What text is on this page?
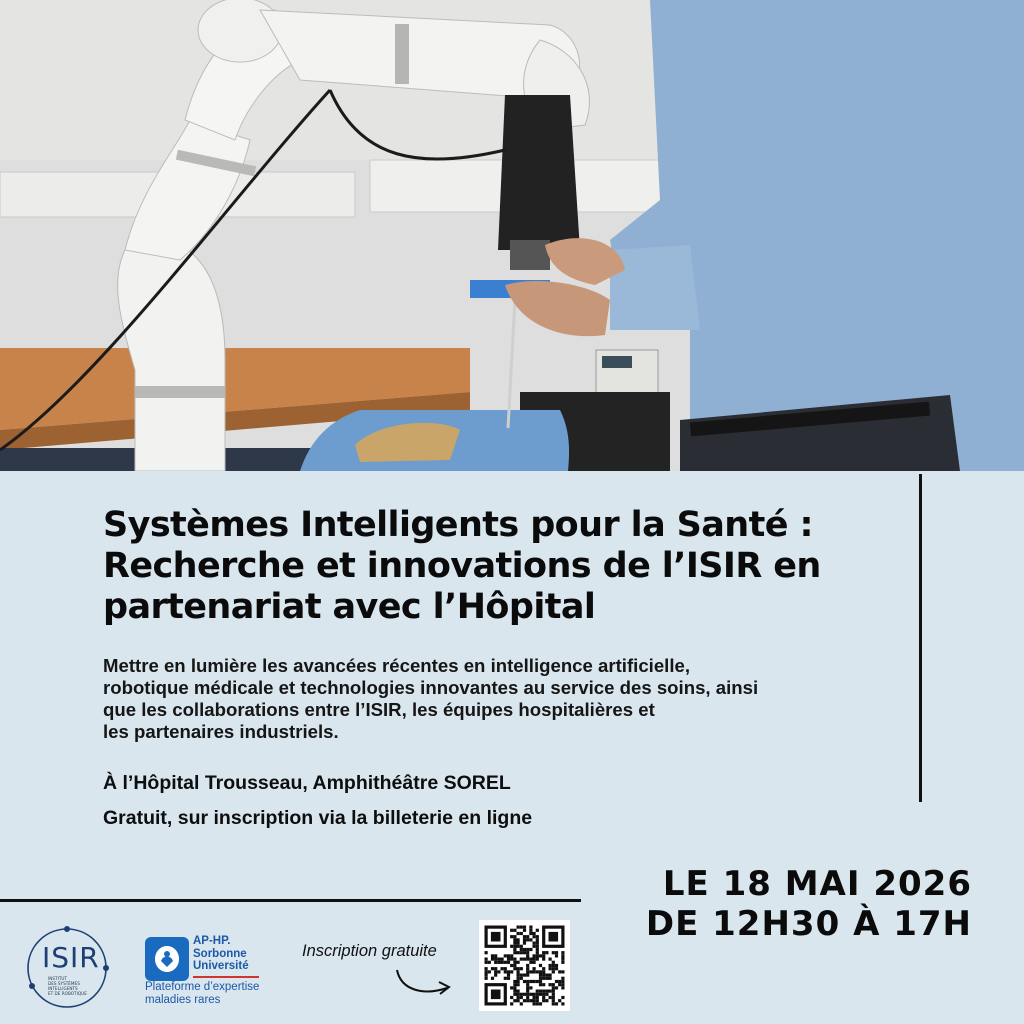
Systèmes Intelligents pour la Santé :
Recherche et innovations de l’ISIR en
partenariat avec l’Hôpital
Mettre en lumière les avancées récentes en intelligence artificielle,
robotique médicale et technologies innovantes au service des soins, ainsi
que les collaborations entre l’ISIR, les équipes hospitalières et
les partenaires industriels.
À l’Hôpital Trousseau, Amphithéâtre SOREL
Gratuit, sur inscription via la billeterie en ligne
LE 18 MAI 2026
DE 12H30 À 17H
ISIR
INSTITUT
DES SYSTÈMES
INTELLIGENTS
ET DE ROBOTIQUE
AP-HP.
Sorbonne
Université
Plateforme d’expertise
maladies rares
Inscription gratuite
